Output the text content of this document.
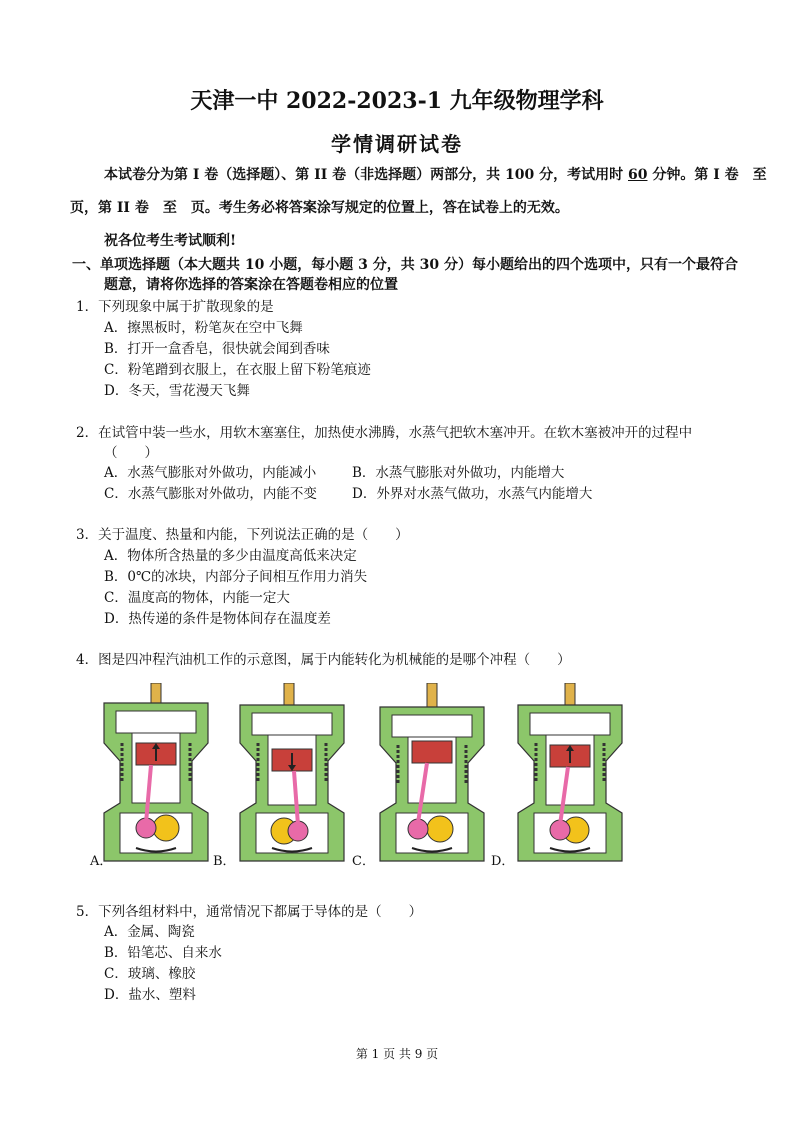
天津一中 2022-2023-1 九年级物理学科
学情调研试卷
本试卷分为第 I 卷（选择题）、第 II 卷（非选择题）两部分，共 100 分，考试用时 60 分钟。第 I 卷　至
页，第 II 卷　至　页。考生务必将答案涂写规定的位置上，答在试卷上的无效。
祝各位考生考试顺利!
一、单项选择题（本大题共 10 小题，每小题 3 分，共 30 分）每小题给出的四个选项中，只有一个最符合
题意，请将你选择的答案涂在答题卷相应的位置
1．下列现象中属于扩散现象的是
A．擦黑板时，粉笔灰在空中飞舞
B．打开一盒香皂，很快就会闻到香味
C．粉笔蹭到衣服上，在衣服上留下粉笔痕迹
D．冬天，雪花漫天飞舞
2．在试管中装一些水，用软木塞塞住，加热使水沸腾，水蒸气把软木塞冲开。在软木塞被冲开的过程中
（　　）
A．水蒸气膨胀对外做功，内能减小	B．水蒸气膨胀对外做功，内能增大
C．水蒸气膨胀对外做功，内能不变	D．外界对水蒸气做功，水蒸气内能增大
3．关于温度、热量和内能，下列说法正确的是（　　）
A．物体所含热量的多少由温度高低来决定
B．0℃的冰块，内部分子间相互作用力消失
C．温度高的物体，内能一定大
D．热传递的条件是物体间存在温度差
4．图是四冲程汽油机工作的示意图，属于内能转化为机械能的是哪个冲程（　　）
A．	B．	C．	D．
5．下列各组材料中，通常情况下都属于导体的是（　　）
A．金属、陶瓷
B．铅笔芯、自来水
C．玻璃、橡胶
D．盐水、塑料
第 1 页 共 9 页
